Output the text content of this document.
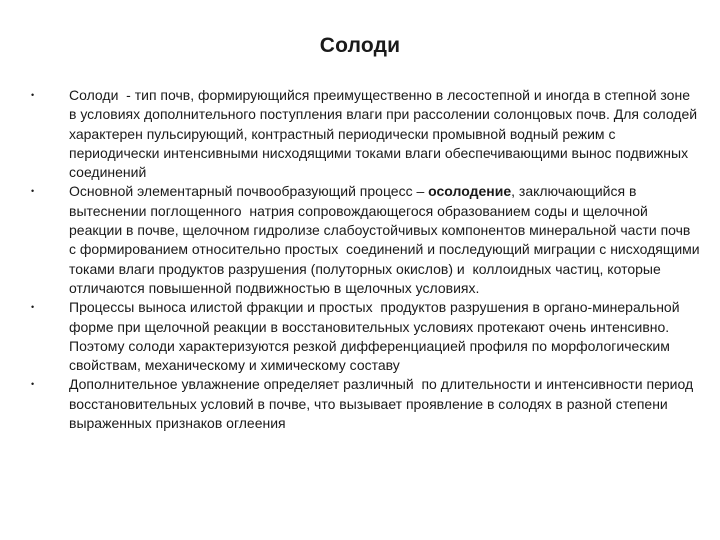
Солоди
•	Солоди  - тип почв, формирующийся преимущественно в лесостепной и иногда в степной зоне в условиях дополнительного поступления влаги при рассолении солонцовых почв. Для солодей характерен пульсирующий, контрастный периодически промывной водный режим с периодически интенсивными нисходящими токами влаги обеспечивающими вынос подвижных соединений
•	Основной элементарный почвообразующий процесс – осолодение, заключающийся в вытеснении поглощенного  натрия сопровождающегося образованием соды и щелочной  реакции в почве, щелочном гидролизе слабоустойчивых компонентов минеральной части почв с формированием относительно простых  соединений и последующий миграции с нисходящими токами влаги продуктов разрушения (полуторных окислов) и  коллоидных частиц, которые отличаются повышенной подвижностью в щелочных условиях.
•	Процессы выноса илистой фракции и простых  продуктов разрушения в органо-минеральной форме при щелочной реакции в восстановительных условиях протекают очень интенсивно. Поэтому солоди характеризуются резкой дифференциацией профиля по морфологическим свойствам, механическому и химическому составу
•	Дополнительное увлажнение определяет различный  по длительности и интенсивности период восстановительных условий в почве, что вызывает проявление в солодях в разной степени выраженных признаков оглеения
